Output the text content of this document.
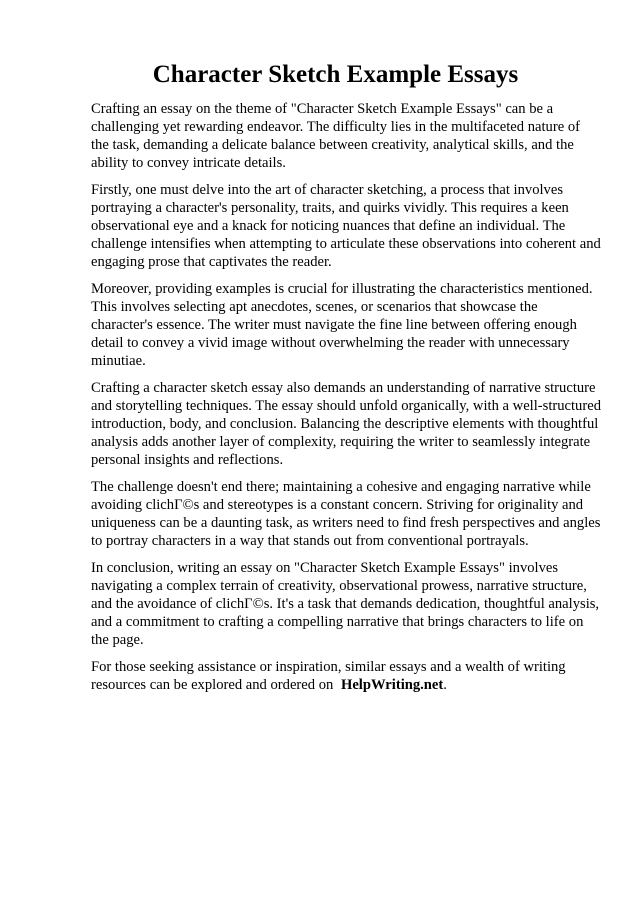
Character Sketch Example Essays

Crafting an essay on the theme of "Character Sketch Example Essays" can be a challenging yet rewarding endeavor. The difficulty lies in the multifaceted nature of the task, demanding a delicate balance between creativity, analytical skills, and the ability to convey intricate details.

Firstly, one must delve into the art of character sketching, a process that involves portraying a character's personality, traits, and quirks vividly. This requires a keen observational eye and a knack for noticing nuances that define an individual. The challenge intensifies when attempting to articulate these observations into coherent and engaging prose that captivates the reader.

Moreover, providing examples is crucial for illustrating the characteristics mentioned. This involves selecting apt anecdotes, scenes, or scenarios that showcase the character's essence. The writer must navigate the fine line between offering enough detail to convey a vivid image without overwhelming the reader with unnecessary minutiae.

Crafting a character sketch essay also demands an understanding of narrative structure and storytelling techniques. The essay should unfold organically, with a well-structured introduction, body, and conclusion. Balancing the descriptive elements with thoughtful analysis adds another layer of complexity, requiring the writer to seamlessly integrate personal insights and reflections.

The challenge doesn't end there; maintaining a cohesive and engaging narrative while avoiding clichГ©s and stereotypes is a constant concern. Striving for originality and uniqueness can be a daunting task, as writers need to find fresh perspectives and angles to portray characters in a way that stands out from conventional portrayals.

In conclusion, writing an essay on "Character Sketch Example Essays" involves navigating a complex terrain of creativity, observational prowess, narrative structure, and the avoidance of clichГ©s. It's a task that demands dedication, thoughtful analysis, and a commitment to crafting a compelling narrative that brings characters to life on the page.

For those seeking assistance or inspiration, similar essays and a wealth of writing resources can be explored and ordered on HelpWriting.net.
